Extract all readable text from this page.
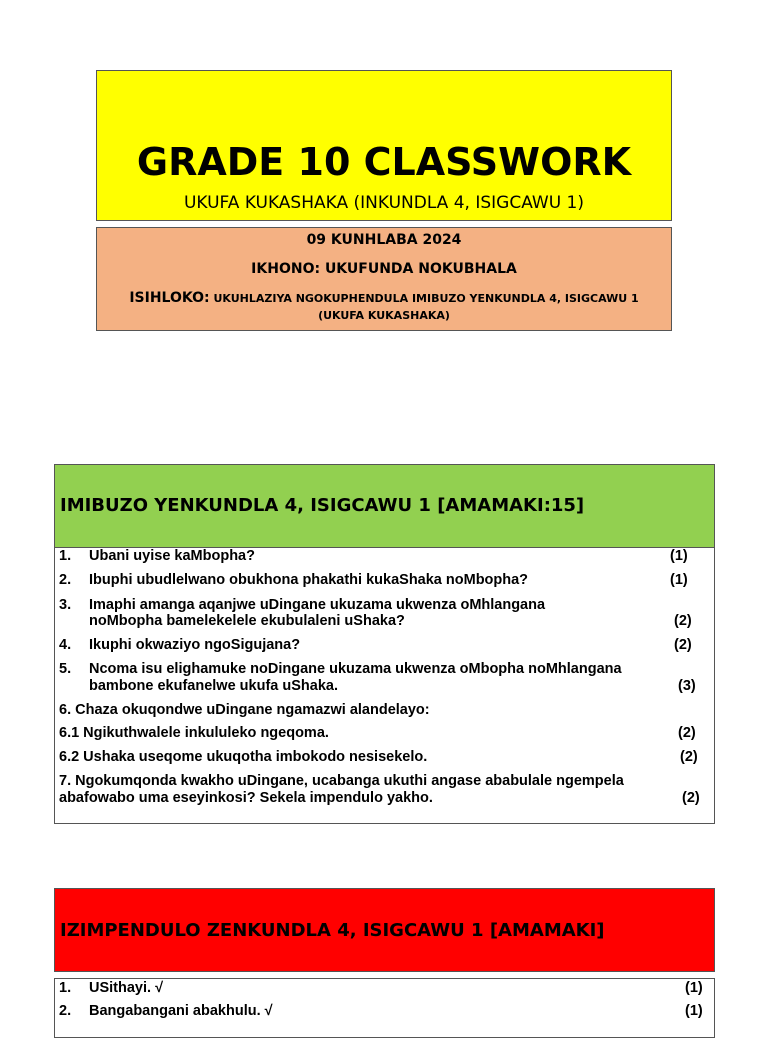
GRADE 10 CLASSWORK
UKUFA KUKASHAKA (INKUNDLA 4, ISIGCAWU 1)
09 KUNHLABA 2024
IKHONO: UKUFUNDA NOKUBHALA
ISIHLOKO: UKUHLAZIYA NGOKUPHENDULA IMIBUZO YENKUNDLA 4, ISIGCAWU 1
(UKUFA KUKASHAKA)
IMIBUZO YENKUNDLA 4, ISIGCAWU 1 [AMAMAKI:15]
1. Ubani uyise kaMbopha?	(1)
2. Ibuphi ubudlelwano obukhona phakathi kukaShaka noMbopha?	(1)
3. Imaphi amanga aqanjwe uDingane ukuzama ukwenza oMhlangana
noMbopha bamelekelele ekubulaleni uShaka?	(2)
4. Ikuphi okwaziyo ngoSigujana?	(2)
5. Ncoma isu elighamuke noDingane ukuzama ukwenza oMbopha noMhlangana
bambone ekufanelwe ukufa uShaka.	(3)
6. Chaza okuqondwe uDingane ngamazwi alandelayo:
6.1 Ngikuthwalele inkululeko ngeqoma.	(2)
6.2 Ushaka useqome ukuqotha imbokodo nesisekelo.	(2)
7. Ngokumqonda kwakho uDingane, ucabanga ukuthi angase ababulale ngempela
abafowabo uma eseyinkosi? Sekela impendulo yakho.	(2)
IZIMPENDULO ZENKUNDLA 4, ISIGCAWU 1 [AMAMAKI]
1. USithayi. √	(1)
2. Bangabangani abakhulu. √	(1)
